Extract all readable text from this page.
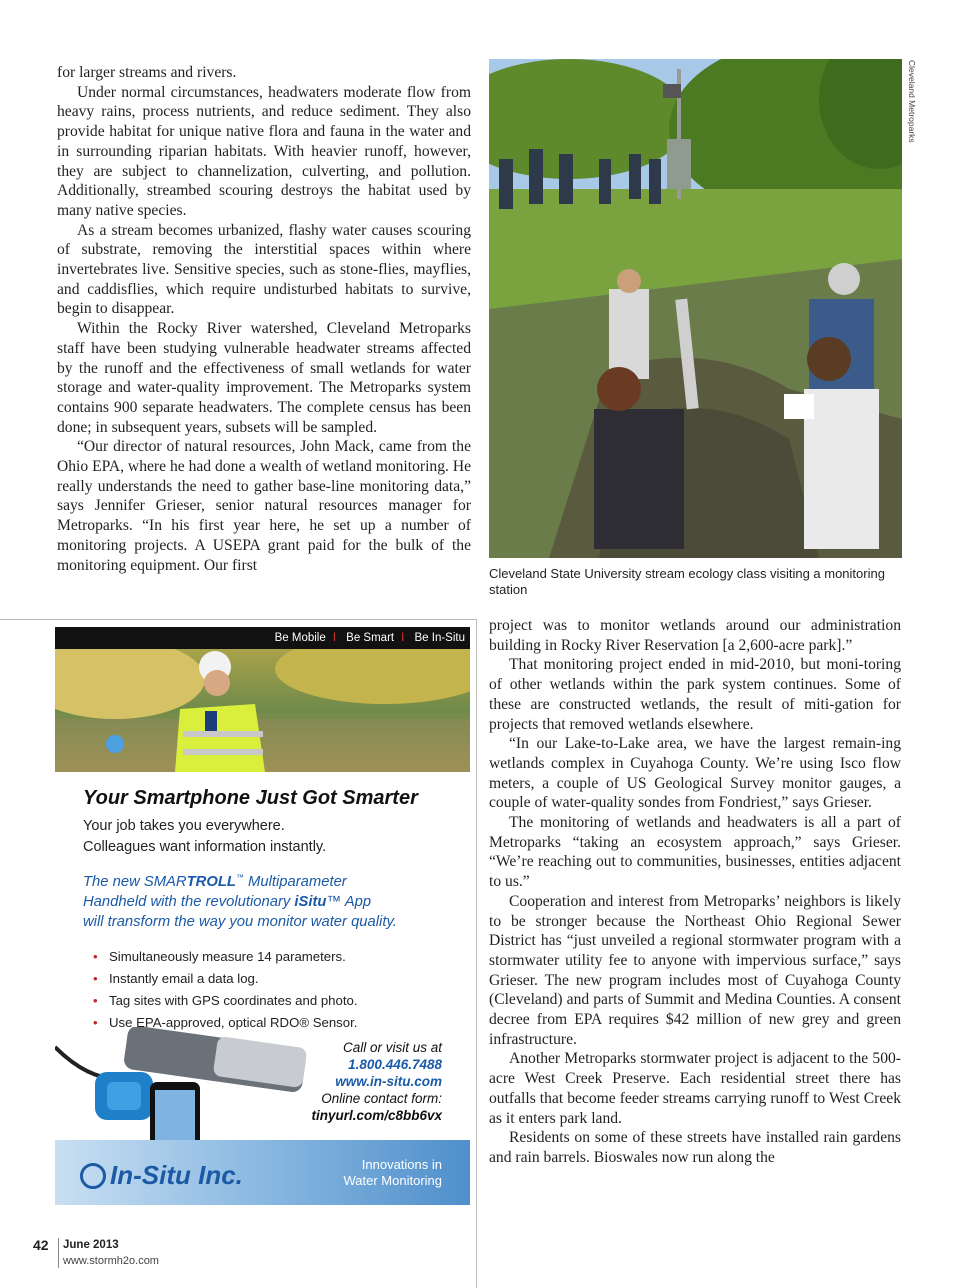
for larger streams and rivers.

Under normal circumstances, headwaters moderate flow from heavy rains, process nutrients, and reduce sediment. They also provide habitat for unique native flora and fauna in the water and in surrounding riparian habitats. With heavier runoff, however, they are subject to channelization, culverting, and pollution. Additionally, streambed scouring destroys the habitat used by many native species.

As a stream becomes urbanized, flashy water causes scouring of substrate, removing the interstitial spaces within where invertebrates live. Sensitive species, such as stone-flies, mayflies, and caddisflies, which require undisturbed habitats to survive, begin to disappear.

Within the Rocky River watershed, Cleveland Metroparks staff have been studying vulnerable headwater streams affected by the runoff and the effectiveness of small wetlands for water storage and water-quality improvement. The Metroparks system contains 900 separate headwaters. The complete census has been done; in subsequent years, subsets will be sampled.

“Our director of natural resources, John Mack, came from the Ohio EPA, where he had done a wealth of wetland monitoring. He really understands the need to gather base-line monitoring data,” says Jennifer Grieser, senior natural resources manager for Metroparks. “In his first year here, he set up a number of monitoring projects. A USEPA grant paid for the bulk of the monitoring equipment. Our first

Cleveland Metroparks
Cleveland State University stream ecology class visiting a monitoring station
Be Mobile I Be Smart I Be In-Situ

Your Smartphone Just Got Smarter

Your job takes you everywhere.
Colleagues want information instantly.
The new SMARTROLL™ Multiparameter
Handheld with the revolutionary iSitu™ App
will transform the way you monitor water quality.
• Simultaneously measure 14 parameters.
• Instantly email a data log.
• Tag sites with GPS coordinates and photo.
• Use EPA-approved, optical RDO® Sensor.
Call or visit us at
1.800.446.7488
www.in-situ.com
Online contact form:
tinyurl.com/c8bb6vx
In-Situ Inc.	Innovations in
Water Monitoring

project was to monitor wetlands around our administration building in Rocky River Reservation [a 2,600-acre park].”

That monitoring project ended in mid-2010, but moni-toring of other wetlands within the park system continues. Some of these are constructed wetlands, the result of miti-gation for projects that removed wetlands elsewhere.

“In our Lake-to-Lake area, we have the largest remain-ing wetlands complex in Cuyahoga County. We’re using Isco flow meters, a couple of US Geological Survey monitor gauges, a couple of water-quality sondes from Fondriest,” says Grieser.

The monitoring of wetlands and headwaters is all a part of Metroparks “taking an ecosystem approach,” says Grieser. “We’re reaching out to communities, businesses, entities adjacent to us.”

Cooperation and interest from Metroparks’ neighbors is likely to be stronger because the Northeast Ohio Regional Sewer District has “just unveiled a regional stormwater program with a stormwater utility fee to anyone with impervious surface,” says Grieser. The new program includes most of Cuyahoga County (Cleveland) and parts of Summit and Medina Counties. A consent decree from EPA requires $42 million of new grey and green infrastructure.

Another Metroparks stormwater project is adjacent to the 500-acre West Creek Preserve. Each residential street there has outfalls that become feeder streams carrying runoff to West Creek as it enters park land.

Residents on some of these streets have installed rain gardens and rain barrels. Bioswales now run along the

42 June 2013
www.stormh2o.com
